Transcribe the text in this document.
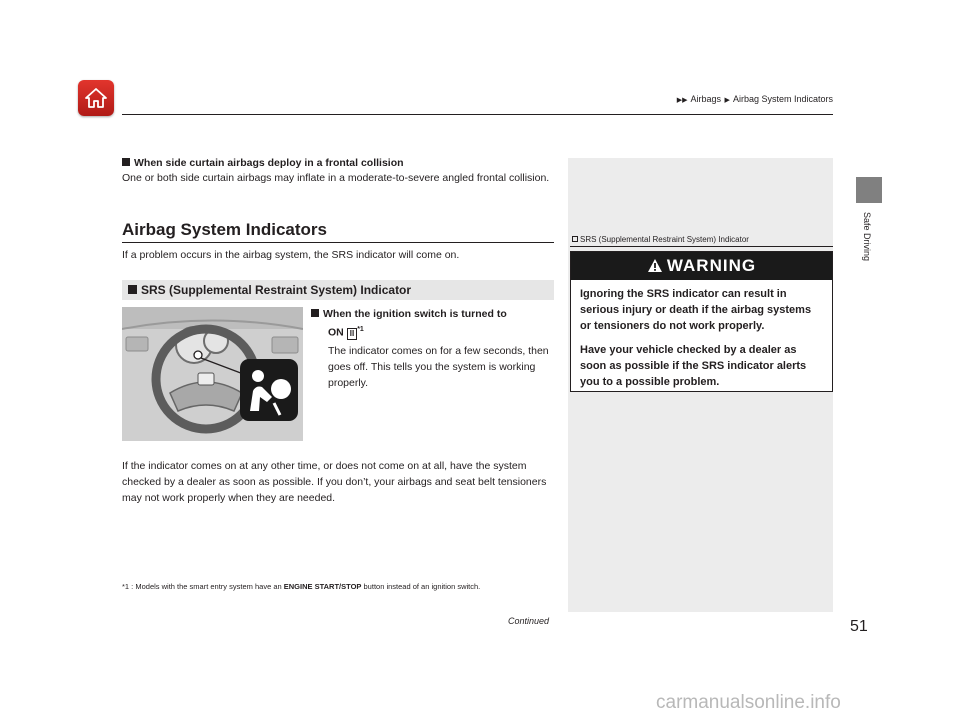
▶▶ Airbags ▶ Airbag System Indicators
Safe Driving
When side curtain airbags deploy in a frontal collision

One or both side curtain airbags may inflate in a moderate-to-severe angled frontal collision.

Airbag System Indicators
If a problem occurs in the airbag system, the SRS indicator will come on.
SRS (Supplemental Restraint System) Indicator
When the ignition switch is turned to
ON II $^{*1}$

The indicator comes on for a few seconds, then goes off. This tells you the system is working properly.

If the indicator comes on at any other time, or does not come on at all, have the system checked by a dealer as soon as possible. If you don’t, your airbags and seat belt tensioners may not work properly when they are needed.

*1 : Models with the smart entry system have an ENGINE START/STOP button instead of an ignition switch.
SRS (Supplemental Restraint System) Indicator
WARNING

Ignoring the SRS indicator can result in serious injury or death if the airbag systems or tensioners do not work properly.

Have your vehicle checked by a dealer as soon as possible if the SRS indicator alerts you to a possible problem.

Continued	51
carmanualsonline.info
